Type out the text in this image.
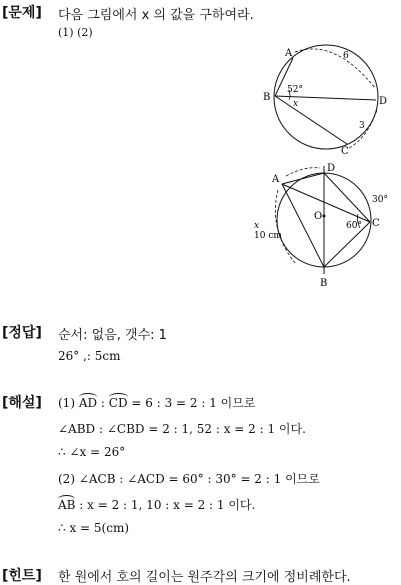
[문제] 다음 그림에서 x 의 값을 구하여라.
(1) (2)
A
B
C
D
6
52°
x
3
A
B
C
D
O
10 cm
30°
60°
x
[정답] 순서: 없음, 갯수: 1
26° ,: 5cm
[해설] (1) AD : CD = 6 : 3 = 2 : 1 이므로
∠ABD : ∠CBD = 2 : 1, 52 : x = 2 : 1 이다.
∴ ∠x = 26°
(2) ∠ACB : ∠ACD = 60° : 30° = 2 : 1 이므로
AB : x = 2 : 1, 10 : x = 2 : 1 이다.
∴ x = 5(cm)
[힌트] 한 원에서 호의 길이는 원주각의 크기에 정비례한다.
